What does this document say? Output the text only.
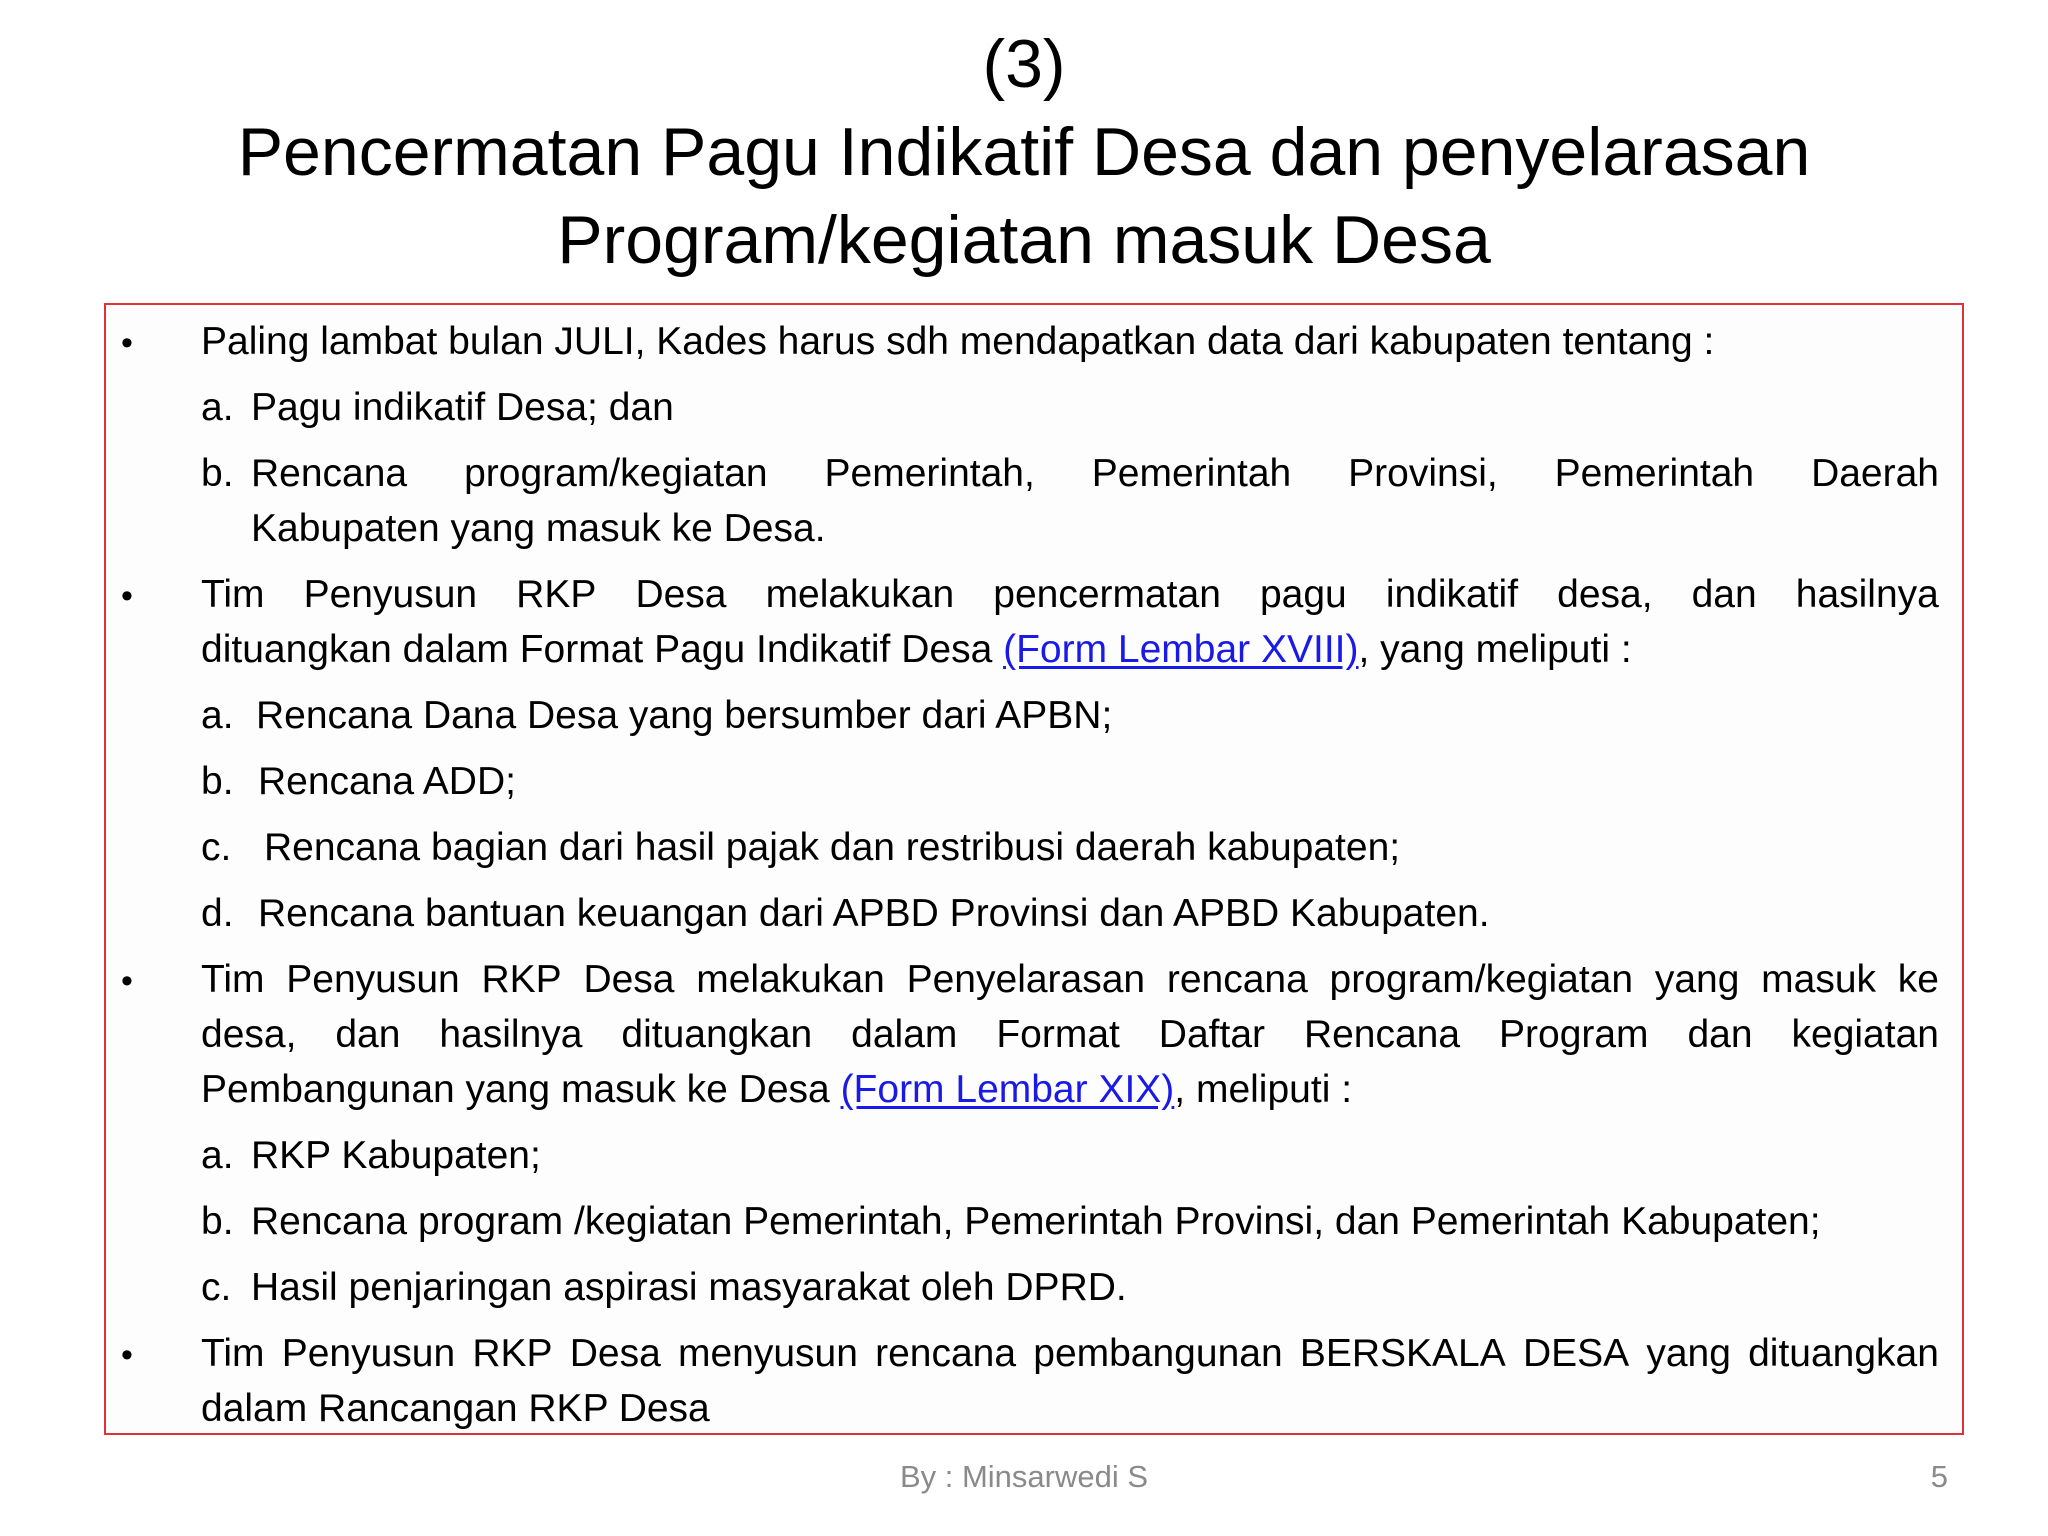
(3)
Pencermatan Pagu Indikatif Desa dan penyelarasan
Program/kegiatan masuk Desa
• Paling lambat bulan JULI, Kades harus sdh mendapatkan data dari kabupaten tentang :
a. Pagu indikatif Desa; dan
b. Rencana program/kegiatan Pemerintah, Pemerintah Provinsi, Pemerintah Daerah
Kabupaten yang masuk ke Desa.
• Tim Penyusun RKP Desa melakukan pencermatan pagu indikatif desa, dan hasilnya
dituangkan dalam Format Pagu Indikatif Desa (Form Lembar XVIII), yang meliputi :
a. Rencana Dana Desa yang bersumber dari APBN;
b. Rencana ADD;
c. Rencana bagian dari hasil pajak dan restribusi daerah kabupaten;
d. Rencana bantuan keuangan dari APBD Provinsi dan APBD Kabupaten.
• Tim Penyusun RKP Desa melakukan Penyelarasan rencana program/kegiatan yang masuk ke
desa, dan hasilnya dituangkan dalam Format Daftar Rencana Program dan kegiatan
Pembangunan yang masuk ke Desa (Form Lembar XIX), meliputi :
a. RKP Kabupaten;
b. Rencana program /kegiatan Pemerintah, Pemerintah Provinsi, dan Pemerintah Kabupaten;
c. Hasil penjaringan aspirasi masyarakat oleh DPRD.
• Tim Penyusun RKP Desa menyusun rencana pembangunan BERSKALA DESA yang dituangkan
dalam Rancangan RKP Desa
By : Minsarwedi S	5
